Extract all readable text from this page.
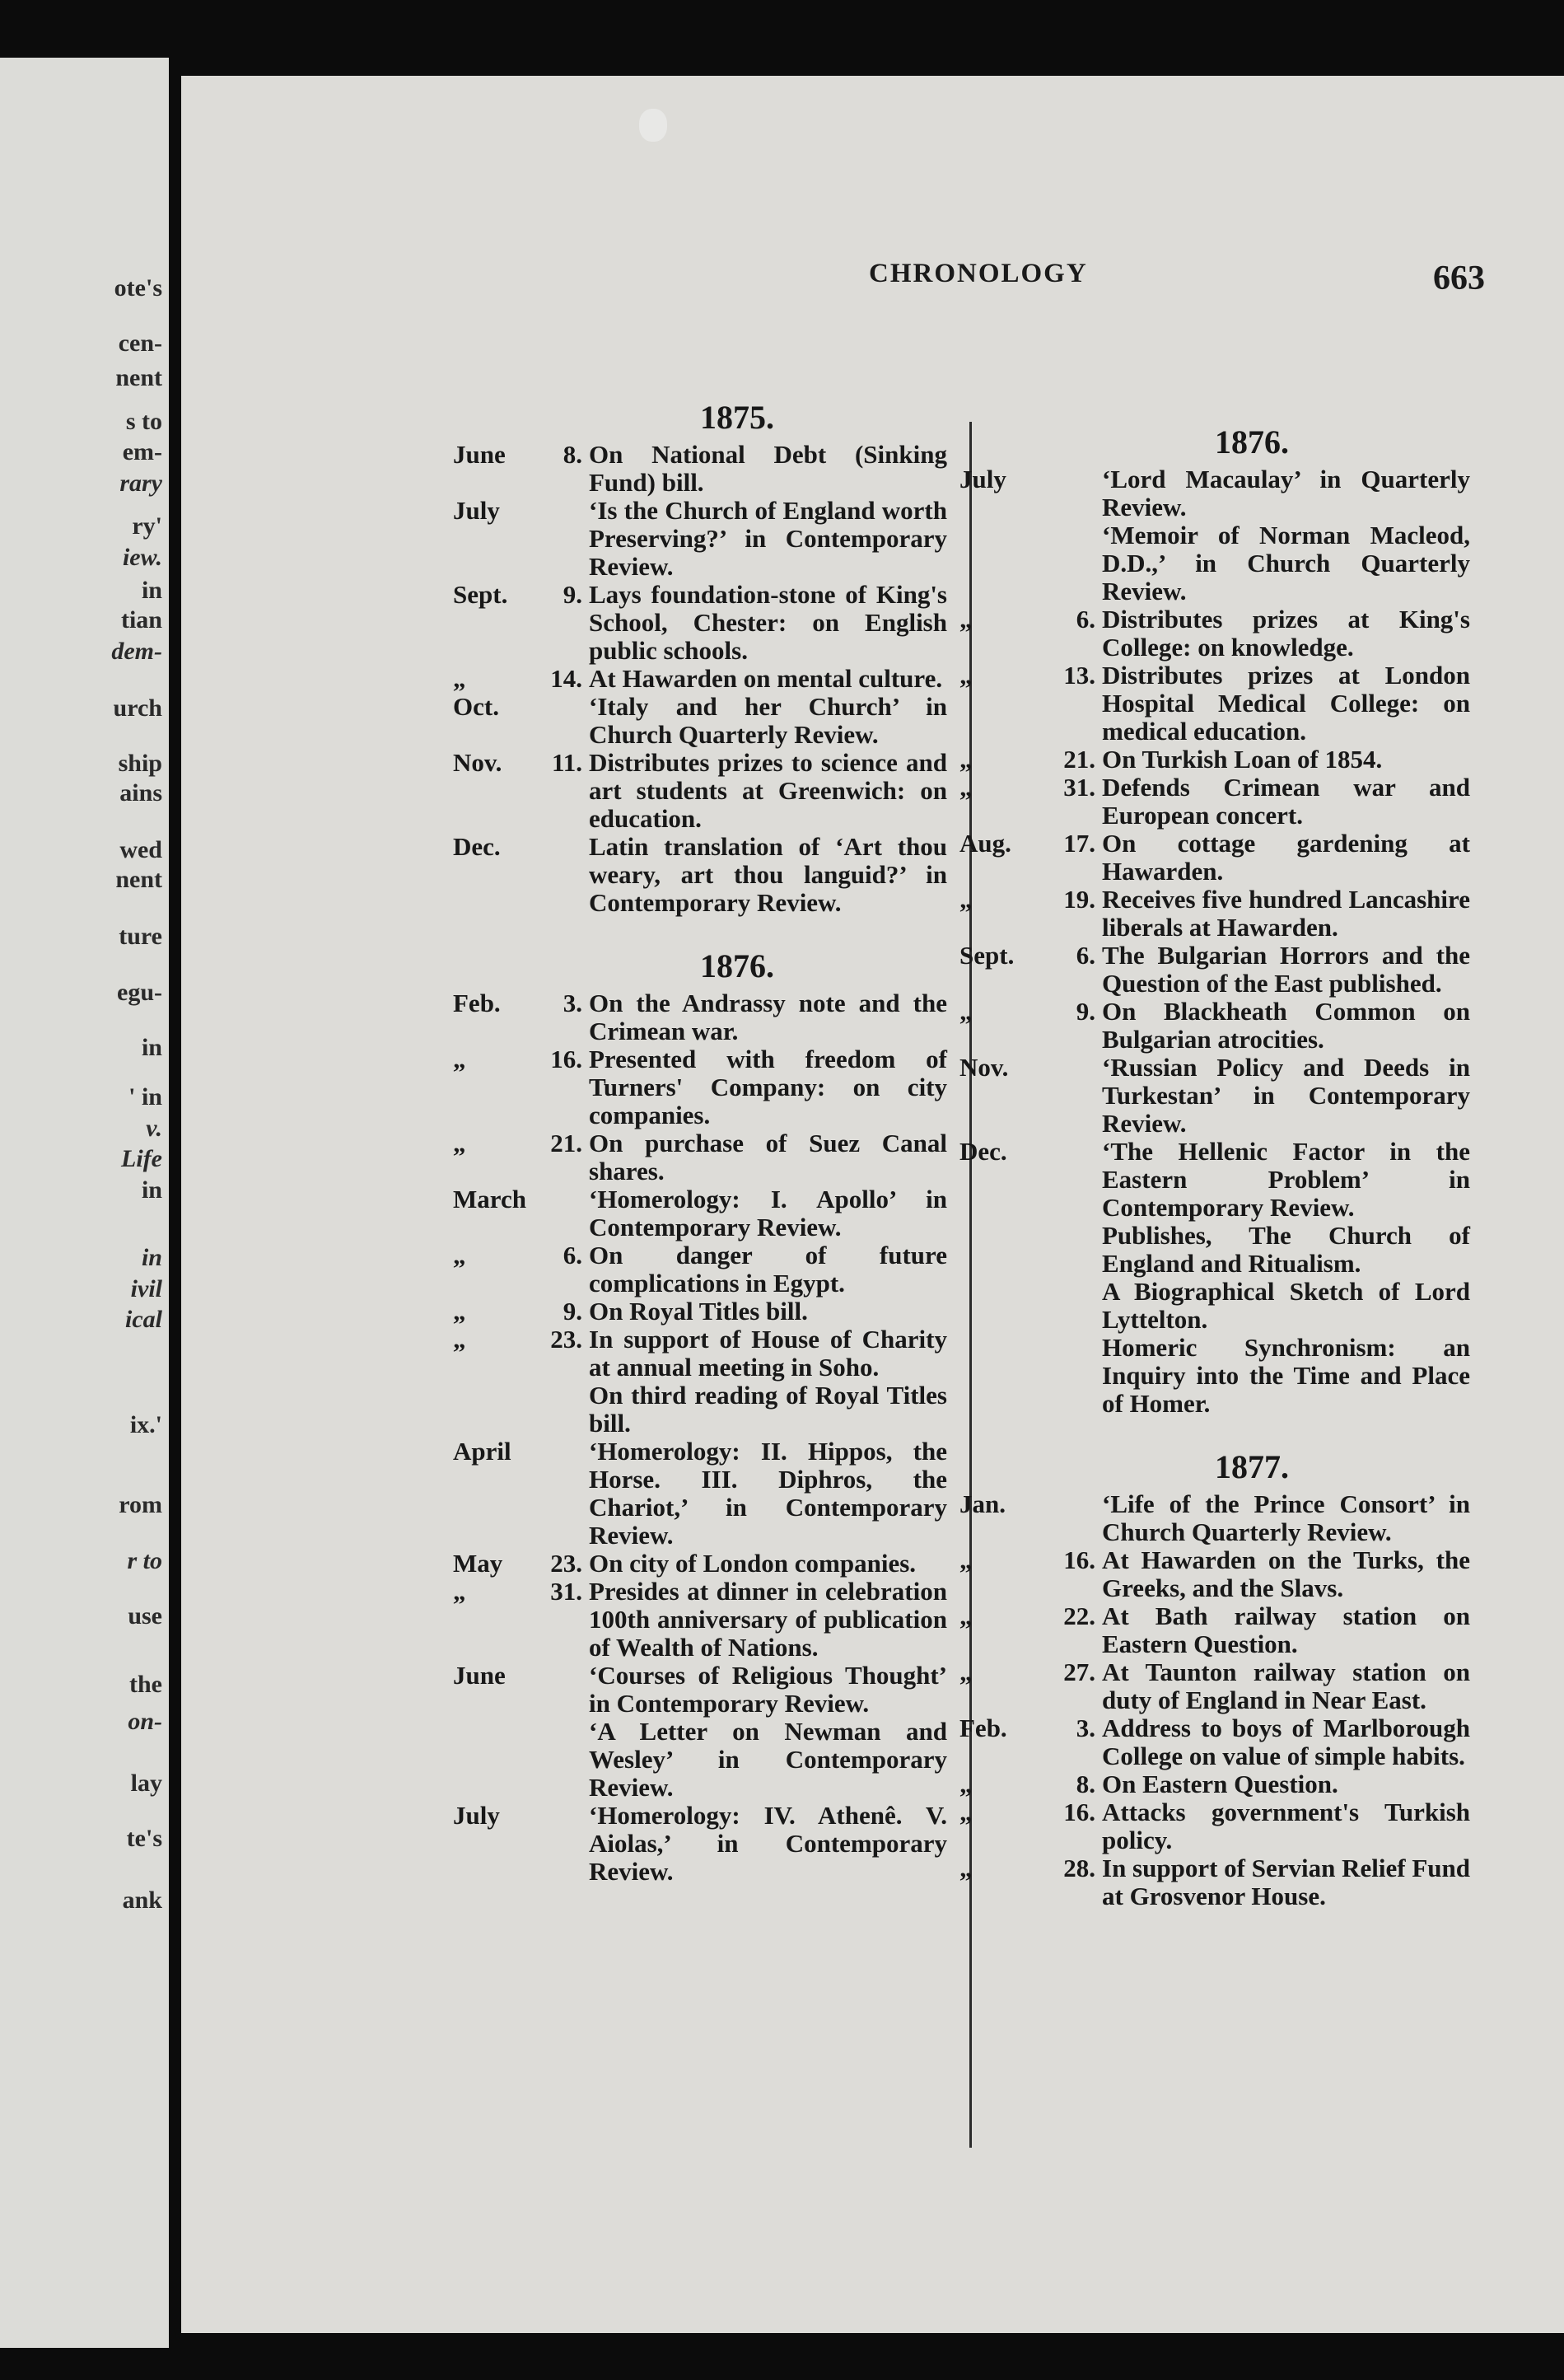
ote's
cen-
nent
s to
em-
rary
ry'
iew.
in
tian
dem-
urch
ship
ains
wed
nent
ture
egu-
in
' in
v.
Life
in
in
ivil
ical
ix.'
rom
r to
use
the
on-
lay
te's
ank
CHRONOLOGY	663
1875.
June	8. On National Debt (Sinking Fund) bill.
July	‘Is the Church of England worth Preserving?’ in Contemporary Review.
Sept.	9. Lays foundation-stone of King's School, Chester: on English public schools.
„	14. At Hawarden on mental culture.
Oct.	‘Italy and her Church’ in Church Quarterly Review.
Nov.	11. Distributes prizes to science and art students at Greenwich: on education.
Dec.	Latin translation of ‘Art thou weary, art thou languid?’ in Contemporary Review.
1876.
Feb.	3. On the Andrassy note and the Crimean war.
„	16. Presented with freedom of Turners' Company: on city companies.
„	21. On purchase of Suez Canal shares.
March ‘Homerology: I. Apollo’ in Contemporary Review.
„	6. On danger of future complications in Egypt.
„	9. On Royal Titles bill.
„	23. In support of House of Charity at annual meeting in Soho.
On third reading of Royal Titles bill.
April	‘Homerology: II. Hippos, the Horse. III. Diphros, the Chariot,’ in Contemporary Review.
May	23. On city of London companies.
„	31. Presides at dinner in celebration 100th anniversary of publication of Wealth of Nations.
June	‘Courses of Religious Thought’ in Contemporary Review.
‘A Letter on Newman and Wesley’ in Contemporary Review.
July	‘Homerology: IV. Athenê. V. Aiolas,’ in Contemporary Review.
1876.
July	‘Lord Macaulay’ in Quarterly Review.
‘Memoir of Norman Macleod, D.D.,’ in Church Quarterly Review.
„	6. Distributes prizes at King's College: on knowledge.
„	13. Distributes prizes at London Hospital Medical College: on medical education.
„	21. On Turkish Loan of 1854.
„	31. Defends Crimean war and European concert.
Aug.	17. On cottage gardening at Hawarden.
„	19. Receives five hundred Lancashire liberals at Hawarden.
Sept.	6. The Bulgarian Horrors and the Question of the East published.
„	9. On Blackheath Common on Bulgarian atrocities.
Nov.	‘Russian Policy and Deeds in Turkestan’ in Contemporary Review.
Dec.	‘The Hellenic Factor in the Eastern Problem’ in Contemporary Review.
Publishes, The Church of England and Ritualism.
A Biographical Sketch of Lord Lyttelton.
Homeric Synchronism: an Inquiry into the Time and Place of Homer.
1877.
Jan.	‘Life of the Prince Consort’ in Church Quarterly Review.
„	16. At Hawarden on the Turks, the Greeks, and the Slavs.
„	22. At Bath railway station on Eastern Question.
„	27. At Taunton railway station on duty of England in Near East.
Feb.	3. Address to boys of Marlborough College on value of simple habits.
„	8. On Eastern Question.
„	16. Attacks government's Turkish policy.
„	28. In support of Servian Relief Fund at Grosvenor House.
